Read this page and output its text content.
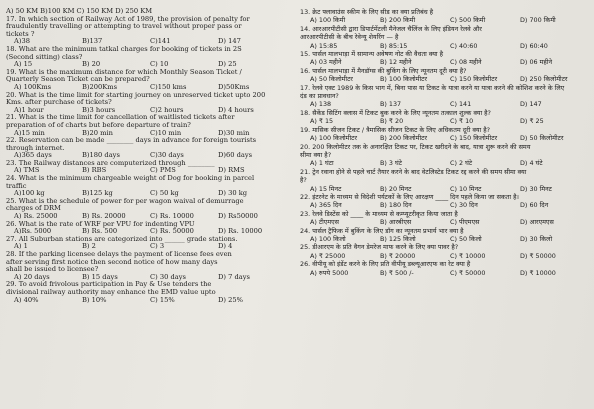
A) 50 KM B)100 KM C) 150 KM D) 250 KM
17. In which section of Railway Act of 1989, the provision of penalty for
fraudulently travelling or attempting to travel without proper pass or
tickets ?
A)38	B)137	C)141	D) 147
18. What are the minimum tatkal charges for booking of tickets in 2S
(Second sitting) class?
A) 15	B) 20	C) 10	D) 25
19. What is the maximum distance for which Monthly Season Ticket /
Quarterly Season Ticket can be prepared?
A) 100Kms	B)200Kms	C)150 kms	D)50Kms
20. What is the time limit for starting journey on unreserved ticket upto 200
Kms. after purchase of tickets?
A)1 hour	B)3 hours	C)2 hours	D) 4 hours
21. What is the time limit for cancellation of waitlisted tickets after
preparation of of charts but before departure of train?
A)15 min	B)20 min	C)10 min	D)30 min
22. Reservation can be made ________ days in advance for foreign tourists
through internet.
A)365 days	B)180 days	C)30 days	D)60 days
23. The Railway distances are computerized through ________
A) TMS	B) RBS	C) PMS	D) RMS
24. What is the minimum chargeable weight of Dog for booking in parcel
traffic
A)100 kg	B)125 kg	C) 50 kg	D) 30 kg
25. What is the schedule of power for per wagon waival of demurrage
charges of DRM
A) Rs. 25000	B) Rs. 20000	C) Rs. 10000	D) Rs50000
26. What is the rate of WRF per VPU for indenting VPU
A)Rs. 5000	B) Rs. 500	C) Rs. 50000	D) Rs. 10000
27. All Suburban stations are categorized into ______ grade stations.
A) 1	B) 2	C) 3	D) 4
28. If the parking licensee delays the payment of license fees even
after serving first notice then second notice of how many days
shall be issued to licensee?
A) 20 days	B) 15 days	C) 30 days	D) 7 days
29. To avoid frivolous participation in Pay & Use tenders the
divisional railway authority may enhance the EMD value upto
A) 40%	B) 10%	C) 15%	D) 25%
13. क्रेट फ्लावाउंस स्कीम के लिए सीड का क्या प्रतिबंध है
A) 100 किमी	B) 200 किमी	C) 500 किमी	D) 700 किमी
14. आरआरपीटीसी द्वारा डिपार्टमेंटली मैनेजल चैलिंज के लिए इंडियन रेलवे और
आरआरपीटीसी के बीच रेवेन्यू शेयरिंग — है
A) 15:85	B) 85:15	C) 40:60	D) 60:40
15. पार्सल मालभाड़ा में सामान्य अवेषण नोट की वैधता क्या है
A) 03 महीने	B) 12 महीने	C) 08 महीने	D) 06 महीने
16. पार्सल मालभाड़ा में मैनडॉग्स की बुकिंग के लिए न्यूनतम दूरी क्या है?
A) 50 किलोमीटर	B) 100 किलोमीटर	C) 150 किलोमीटर	D) 250 किलोमीटर
17. रेलवे एक्ट 1989 के किस भाग में, बिना पास या टिकट के यात्रा करने या यात्रा करने की कोशिश करने के लिए
दंड का प्रावधान?
A) 138	B) 137	C) 141	D) 147
18. सैकेंड सिटिंग क्लास में टिकट बुक करने के लिए न्यूनतम तत्काल शुल्क क्या है?
A) ₹ 15	B) ₹ 20	C) ₹ 10	D) ₹ 25
19. मासिक सीजन टिकट / त्रैमासिक सीजन टिकट के लिए अधिकतम दूरी क्या है?
A) 100 किलोमीटर	B) 200 किलोमीटर	C) 150 किलोमीटर	D) 50 किलोमीटर
20. 200 किलोमीटर तक के अनारक्षित टिकट पर, टिकट खरीदने के बाद, यात्रा शुरू करने की समय
सीमा क्या है?
A) 1 घंटा	B) 3 घंटे	C) 2 घंटे	D) 4 घंटे
21. ट्रेन रवाना होने से पहले चार्ट तैयार करने के बाद वेटलिस्टेड टिकट रद्द करने की समय सीमा क्या
है?
A) 15 मिनट	B) 20 मिनट	C) 10 मिनट	D) 30 मिनट
22. इंटरनेट के माध्यम से विदेशी पर्यटकों के लिए आरक्षण ____ दिन पहले किया जा सकता है।
A) 365 दिन	B) 180 दिन	C) 30 दिन	D) 60 दिन
23. रेलवे डिस्टेंस को ____ के माध्यम से कम्प्यूटरीकृत किया जाता है
A) टीएमएस	B) आरबीएस	C) पीएमएस	D) आरएमएस
24. पार्सल ट्रैफिक में बुकिंग के लिए डॉग का न्यूनतम प्रभार्य भार क्या है
A) 100 किलो	B) 125 किलो	C) 50 किलो	D) 30 किलो
25. डीआरएम के प्रति वैगन डेमरेज माफ करने के लिए क्या पावर है?
A) ₹ 25000	B) ₹ 20000	C) ₹ 10000	D) ₹ 50000
26. वीपीयू को इंडेंट करने के लिए प्रति वीपीयू डब्ल्यूआरएफ का रेट क्या है
A) रुपये 5000	B) ₹ 500 /-	C) ₹ 50000	D) ₹ 10000
